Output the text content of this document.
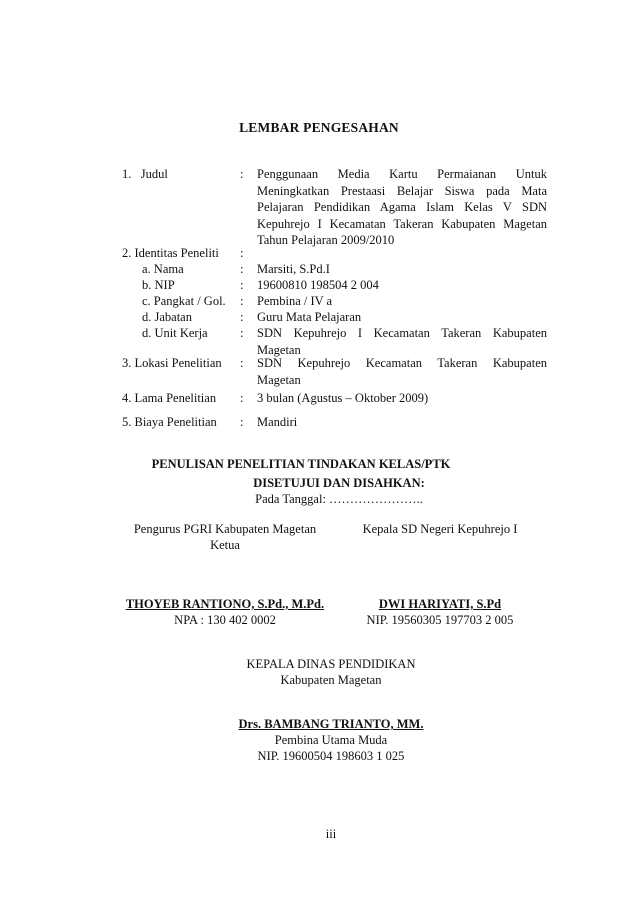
LEMBAR PENGESAHAN
1.   Judul	: Penggunaan Media Kartu Permaianan Untuk
Meningkatkan Prestaasi Belajar Siswa pada Mata
Pelajaran Pendidikan Agama Islam Kelas V SDN
Kepuhrejo I Kecamatan Takeran Kabupaten Magetan
Tahun Pelajaran 2009/2010
2. Identitas Peneliti	:
a. Nama	: Marsiti, S.Pd.I
b. NIP	: 19600810 198504 2 004
c. Pangkat / Gol.	: Pembina / IV a
d. Jabatan	: Guru Mata Pelajaran
d. Unit Kerja	: SDN Kepuhrejo I Kecamatan Takeran Kabupaten
Magetan
3. Lokasi Penelitian	: SDN Kepuhrejo Kecamatan Takeran Kabupaten
Magetan
4. Lama Penelitian	: 3 bulan (Agustus – Oktober 2009)
5. Biaya Penelitian	: Mandiri
PENULISAN PENELITIAN TINDAKAN KELAS/PTK
DISETUJUI DAN DISAHKAN:
Pada Tanggal: …………………..
Pengurus PGRI Kabupaten Magetan
Ketua
Kepala SD Negeri Kepuhrejo I
THOYEB RANTIONO, S.Pd., M.Pd.
NPA : 130 402 0002
DWI HARIYATI, S.Pd
NIP. 19560305 197703 2 005
KEPALA DINAS PENDIDIKAN
Kabupaten Magetan
Drs. BAMBANG TRIANTO, MM.
Pembina Utama Muda
NIP. 19600504 198603 1 025
iii
